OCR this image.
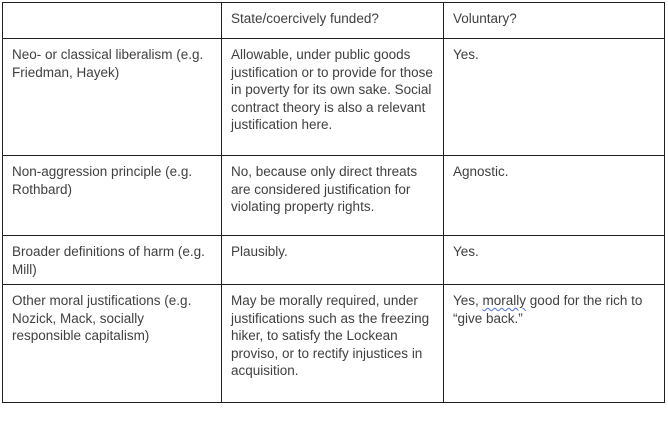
	State/coercively funded?	Voluntary?
Neo- or classical liberalism (e.g. Friedman, Hayek)	Allowable, under public goods justification or to provide for those in poverty for its own sake. Social contract theory is also a relevant justification here.	Yes.
Non-aggression principle (e.g. Rothbard)	No, because only direct threats are considered justification for violating property rights.	Agnostic.
Broader definitions of harm (e.g. Mill)	Plausibly.	Yes.
Other moral justifications (e.g. Nozick, Mack, socially responsible capitalism)	May be morally required, under justifications such as the freezing hiker, to satisfy the Lockean proviso, or to rectify injustices in acquisition.	Yes, morally good for the rich to “give back.”
